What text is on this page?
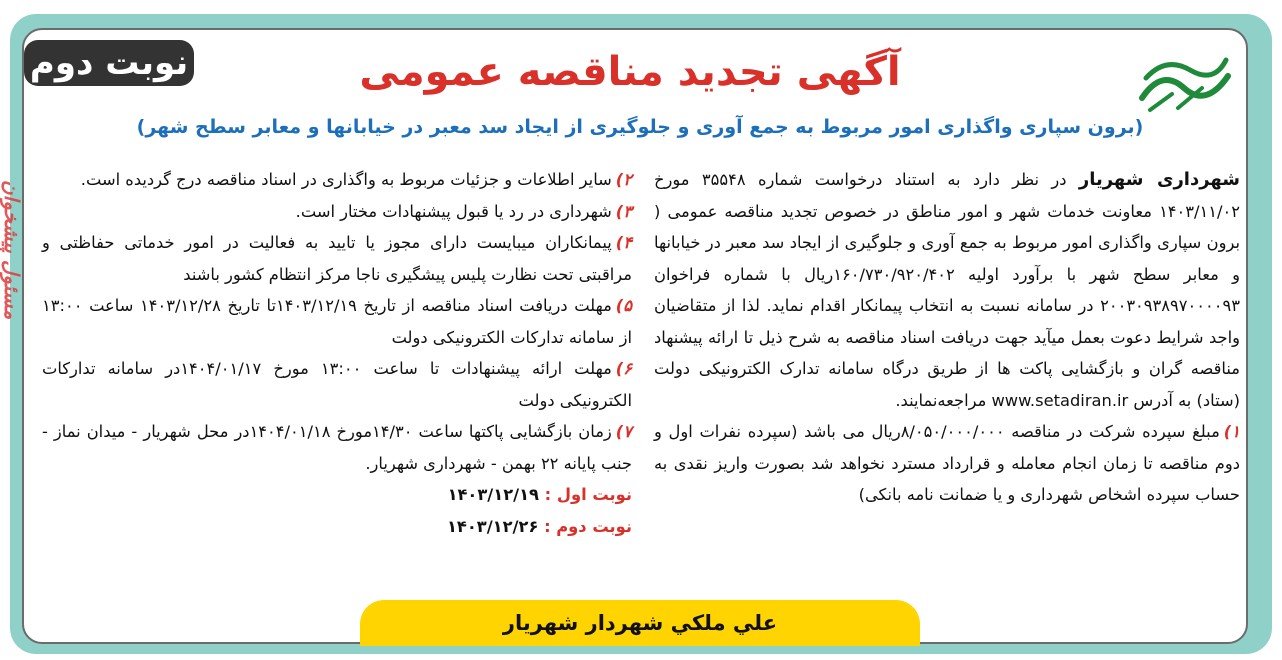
نوبت دوم	آگهی تجدید مناقصه عمومی
(برون سپاری واگذاری امور مربوط به جمع آوری و جلوگیری از ایجاد سد معبر در خیابانها و معابر سطح شهر)

شهرداری شهریار در نظر دارد به استناد درخواست شماره ۳۵۵۴۸ مورخ ۱۴۰۳/۱۱/۰۲ معاونت خدمات شهر و امور مناطق در خصوص تجدید مناقصه عمومی ( برون سپاری واگذاری امور مربوط به جمع آوری و جلوگیری از ایجاد سد معبر در خیابانها و معابر سطح شهر با برآورد اولیه ۱۶۰/۷۳۰/۹۲۰/۴۰۲ریال با شماره فراخوان ۲۰۰۳۰۹۳۸۹۷۰۰۰۰۹۳ در سامانه نسبت به انتخاب پیمانکار اقدام نماید. لذا از متقاضیان واجد شرایط دعوت بعمل میآید جهت دریافت اسناد مناقصه به شرح ذیل تا ارائه پیشنهاد مناقصه گران و بازگشایی پاکت ها از طریق درگاه سامانه تدارک الکترونیکی دولت (ستاد) به آدرس www.setadiran.ir مراجعه‌نمایند.

۱)مبلغ سپرده شرکت در مناقصه ۸/۰۵۰/۰۰۰/۰۰۰ریال می باشد (سپرده نفرات اول و دوم مناقصه تا زمان انجام معامله و قرارداد مسترد نخواهد شد بصورت واریز نقدی به حساب سپرده اشخاص شهرداری و یا ضمانت نامه بانکی)

۲)سایر اطلاعات و جزئیات مربوط به واگذاری در اسناد مناقصه درج گردیده است.

۳)شهرداری در رد یا قبول پیشنهادات مختار است.

۴)پیمانکاران میبایست دارای مجوز یا تایید به فعالیت در امور خدماتی حفاظتی و مراقبتی تحت نظارت پلیس پیشگیری ناجا مرکز انتظام کشور باشند

۵)مهلت دریافت اسناد مناقصه از تاریخ ۱۴۰۳/۱۲/۱۹تا تاریخ ۱۴۰۳/۱۲/۲۸ ساعت ۱۳:۰۰ از سامانه تدارکات الکترونیکی دولت

۶)مهلت ارائه پیشنهادات تا ساعت ۱۳:۰۰ مورخ ۱۴۰۴/۰۱/۱۷در سامانه تدارکات الکترونیکی دولت

۷)زمان بازگشایی پاکتها ساعت ۱۴/۳۰مورخ ۱۴۰۴/۰۱/۱۸در محل شهریار - میدان نماز - جنب پایانه ۲۲ بهمن - شهرداری شهریار.

نوبت اول : ۱۴۰۳/۱۲/۱۹

نوبت دوم : ۱۴۰۳/۱۲/۲۶

مسئول پیشخوان
علي ملكي شهردار شهريار
